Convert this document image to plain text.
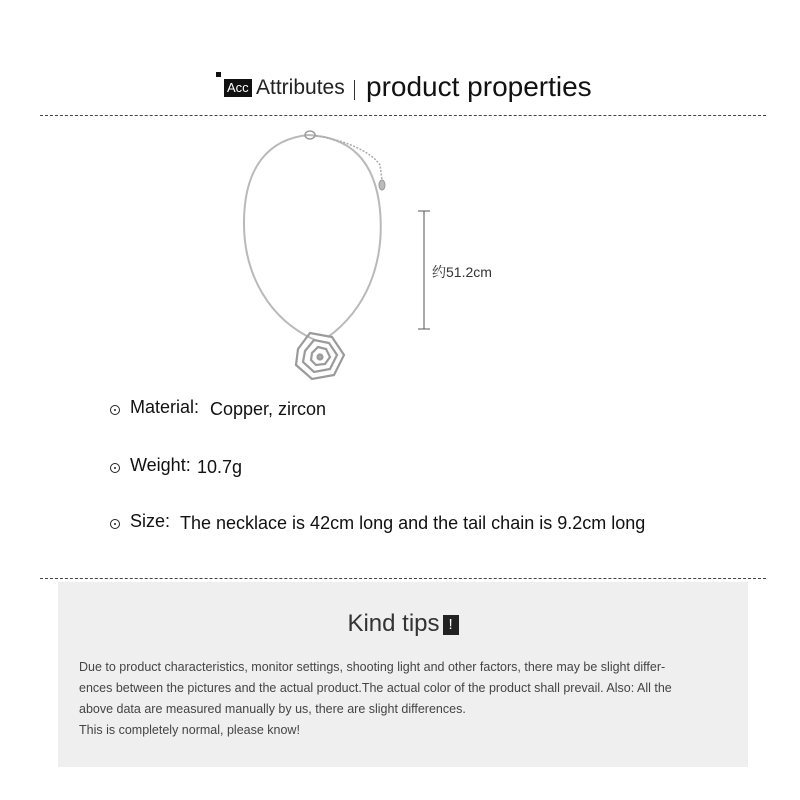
Acc Attributes product properties
约51.2cm
Material: Copper, zircon
Weight: 10.7g
Size: The necklace is 42cm long and the tail chain is 9.2cm long
Kind tips !
Due to product characteristics, monitor settings, shooting light and other factors, there may be slight differ-
ences between the pictures and the actual product.The actual color of the product shall prevail. Also: All the
above data are measured manually by us, there are slight differences.
This is completely normal, please know!
